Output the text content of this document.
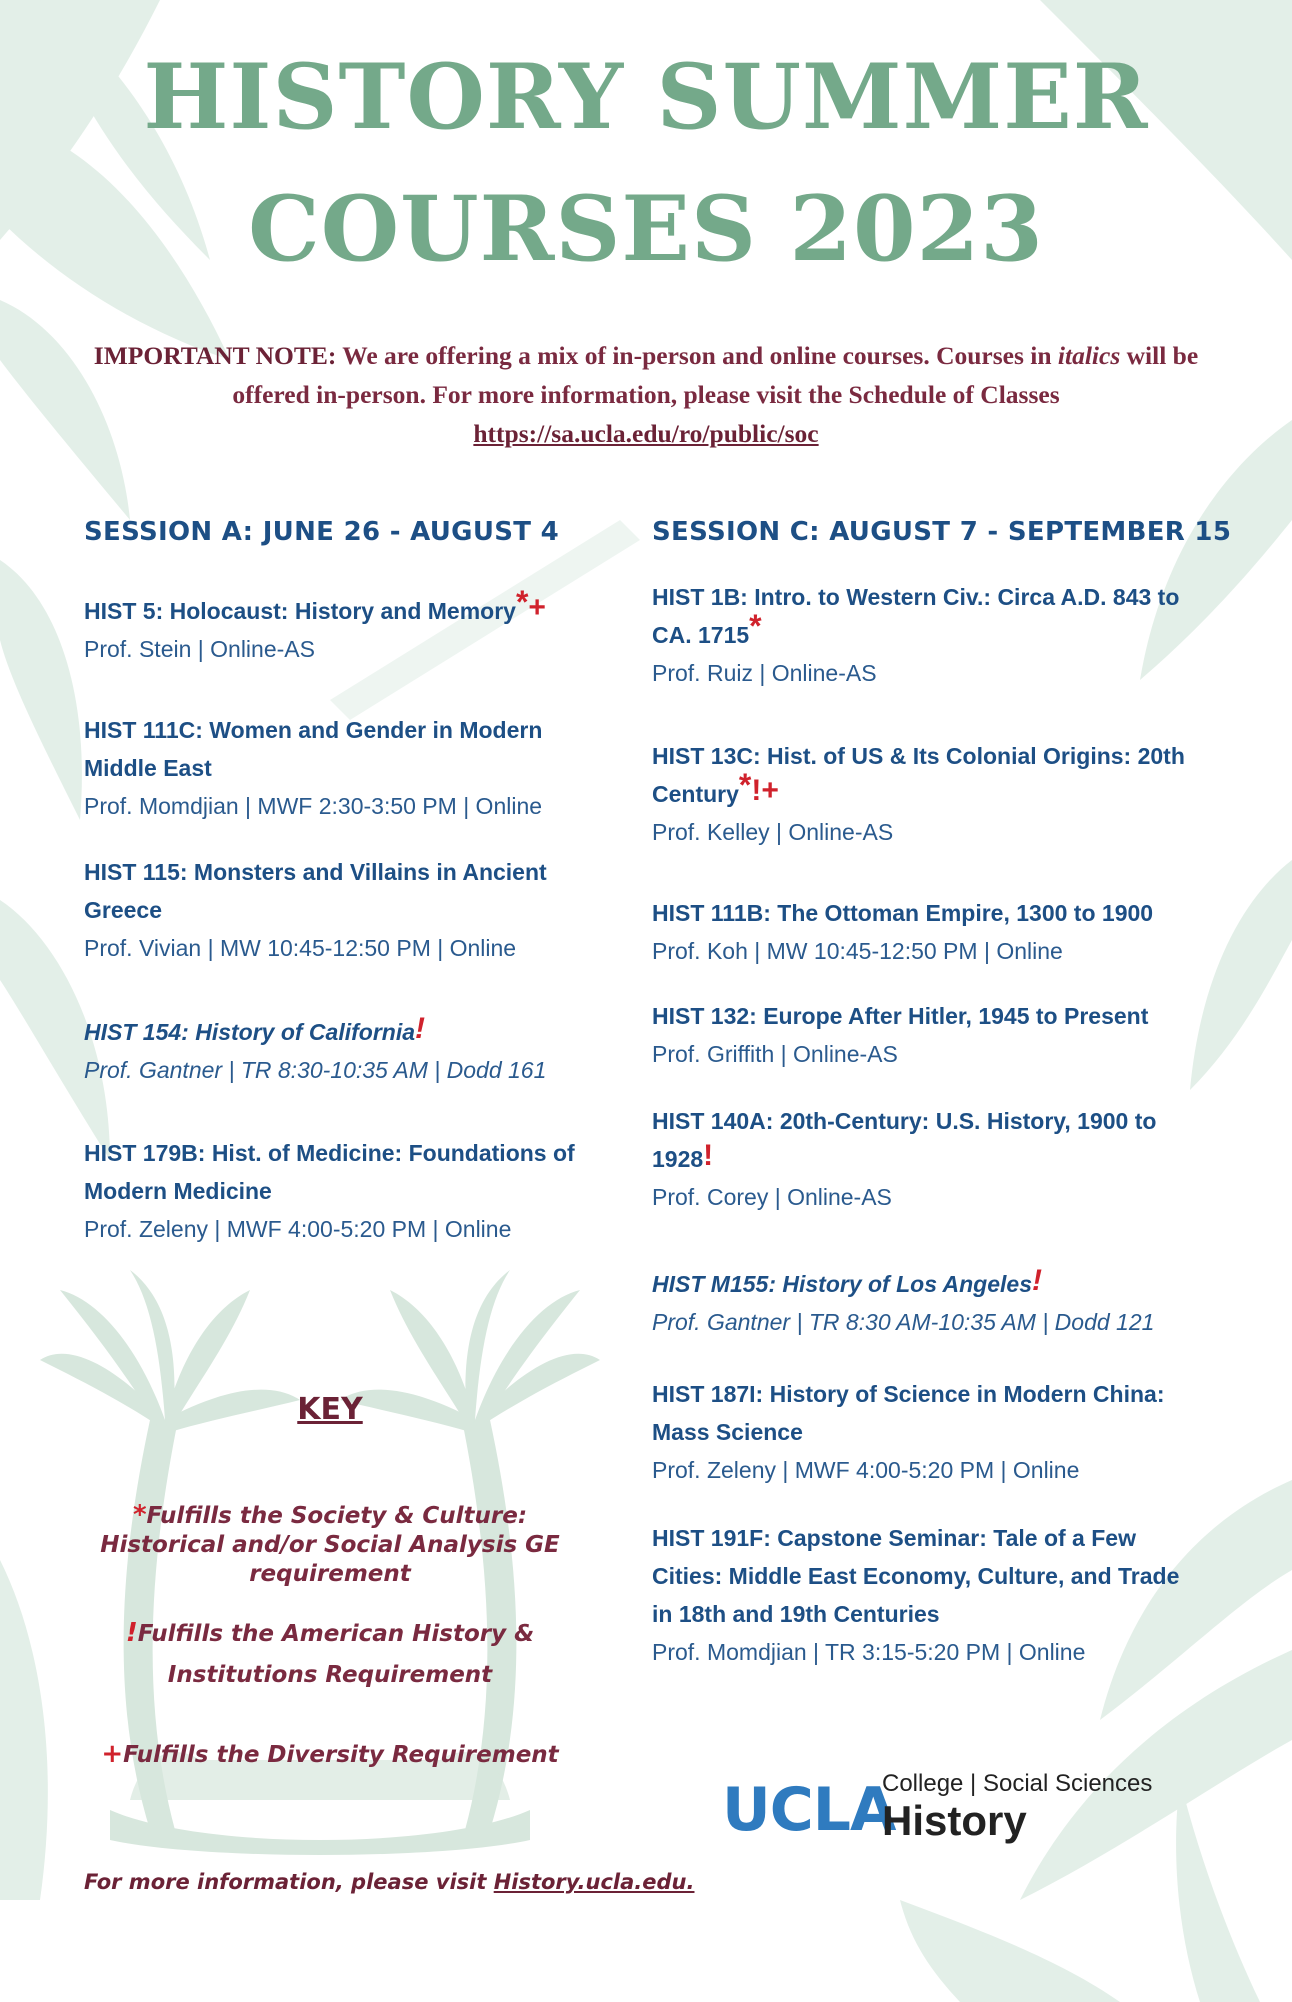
HISTORY SUMMER
COURSES 2023
IMPORTANT NOTE: We are offering a mix of in-person and online courses. Courses in italics will be offered in-person. For more information, please visit the Schedule of Classes
https://sa.ucla.edu/ro/public/soc
SESSION A: JUNE 26 - AUGUST 4	SESSION C: AUGUST 7 - SEPTEMBER 15
HIST 5: Holocaust: History and Memory*+
Prof. Stein | Online-AS
HIST 111C: Women and Gender in Modern Middle East
Prof. Momdjian | MWF 2:30-3:50 PM | Online
HIST 115: Monsters and Villains in Ancient Greece
Prof. Vivian | MW 10:45-12:50 PM | Online
HIST 154: History of California!
Prof. Gantner | TR 8:30-10:35 AM | Dodd 161
HIST 179B: Hist. of Medicine: Foundations of Modern Medicine
Prof. Zeleny | MWF 4:00-5:20 PM | Online
HIST 1B: Intro. to Western Civ.: Circa A.D. 843 to CA. 1715*
Prof. Ruiz | Online-AS
HIST 13C: Hist. of US & Its Colonial Origins: 20th Century*!+
Prof. Kelley | Online-AS
HIST 111B: The Ottoman Empire, 1300 to 1900
Prof. Koh | MW 10:45-12:50 PM | Online
HIST 132: Europe After Hitler, 1945 to Present
Prof. Griffith | Online-AS
HIST 140A: 20th-Century: U.S. History, 1900 to 1928!
Prof. Corey | Online-AS
HIST M155: History of Los Angeles!
Prof. Gantner | TR 8:30 AM-10:35 AM | Dodd 121
HIST 187I: History of Science in Modern China: Mass Science
Prof. Zeleny | MWF 4:00-5:20 PM | Online
HIST 191F: Capstone Seminar: Tale of a Few Cities: Middle East Economy, Culture, and Trade in 18th and 19th Centuries
Prof. Momdjian | TR 3:15-5:20 PM | Online
KEY
*Fulfills the Society & Culture: Historical and/or Social Analysis GE requirement
!Fulfills the American History & Institutions Requirement
+Fulfills the Diversity Requirement
For more information, please visit History.ucla.edu.
UCLA
College | Social Sciences
History
